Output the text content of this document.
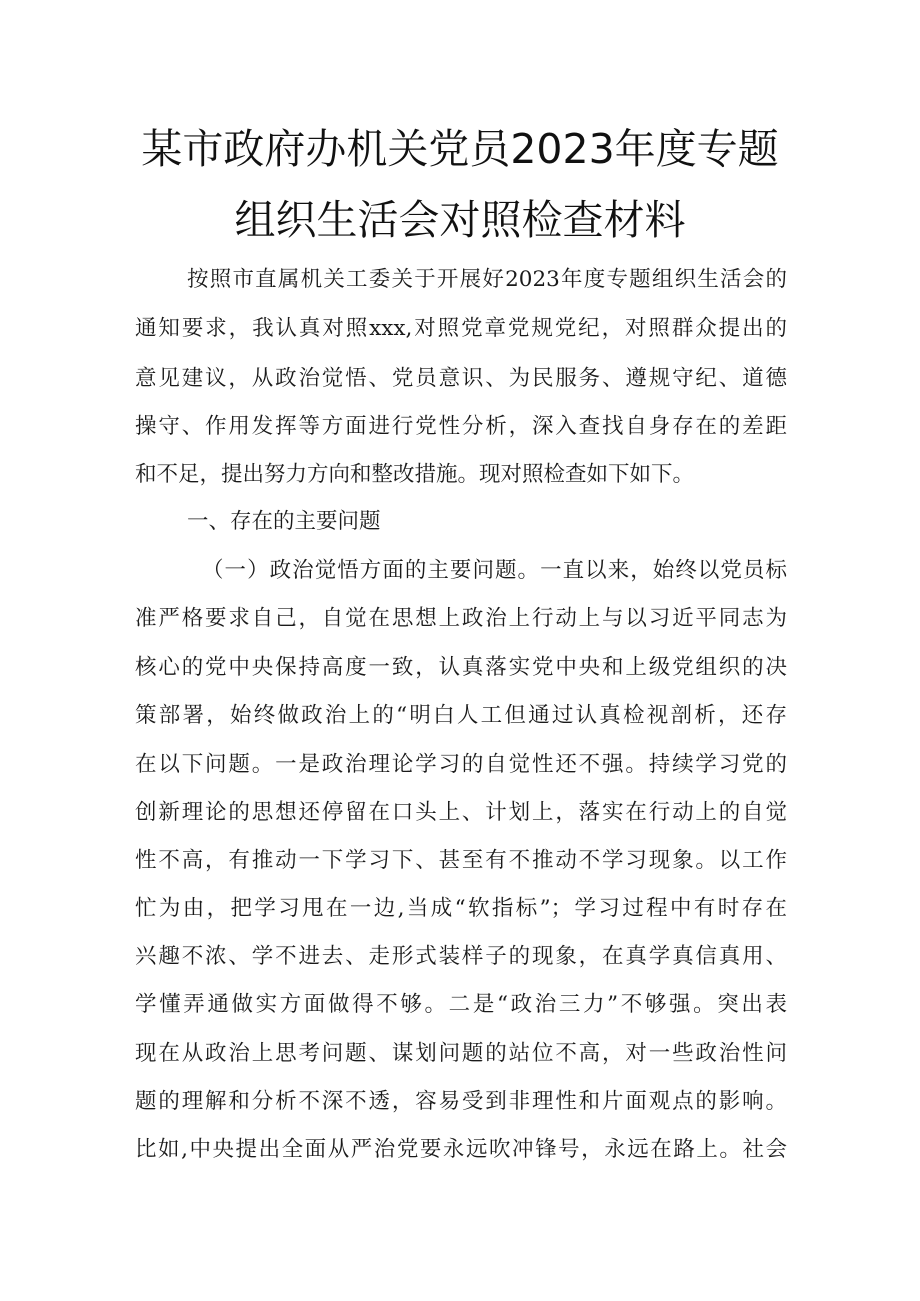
某市政府办机关党员2023年度专题
组织生活会对照检查材料
按照市直属机关工委关于开展好2023年度专题组织生活会的
通知要求，我认真对照xxx,对照党章党规党纪，对照群众提出的
意见建议，从政治觉悟、党员意识、为民服务、遵规守纪、道德
操守、作用发挥等方面进行党性分析，深入查找自身存在的差距
和不足，提出努力方向和整改措施。现对照检查如下如下。
一、存在的主要问题
（一）政治觉悟方面的主要问题。一直以来，始终以党员标
准严格要求自己，自觉在思想上政治上行动上与以习近平同志为
核心的党中央保持高度一致，认真落实党中央和上级党组织的决
策部署，始终做政治上的“明白人工但通过认真检视剖析，还存
在以下问题。一是政治理论学习的自觉性还不强。持续学习党的
创新理论的思想还停留在口头上、计划上，落实在行动上的自觉
性不高，有推动一下学习下、甚至有不推动不学习现象。以工作
忙为由，把学习甩在一边,当成“软指标”；学习过程中有时存在
兴趣不浓、学不进去、走形式装样子的现象，在真学真信真用、
学懂弄通做实方面做得不够。二是“政治三力”不够强。突出表
现在从政治上思考问题、谋划问题的站位不高，对一些政治性问
题的理解和分析不深不透，容易受到非理性和片面观点的影响。
比如,中央提出全面从严治党要永远吹冲锋号，永远在路上。社会
